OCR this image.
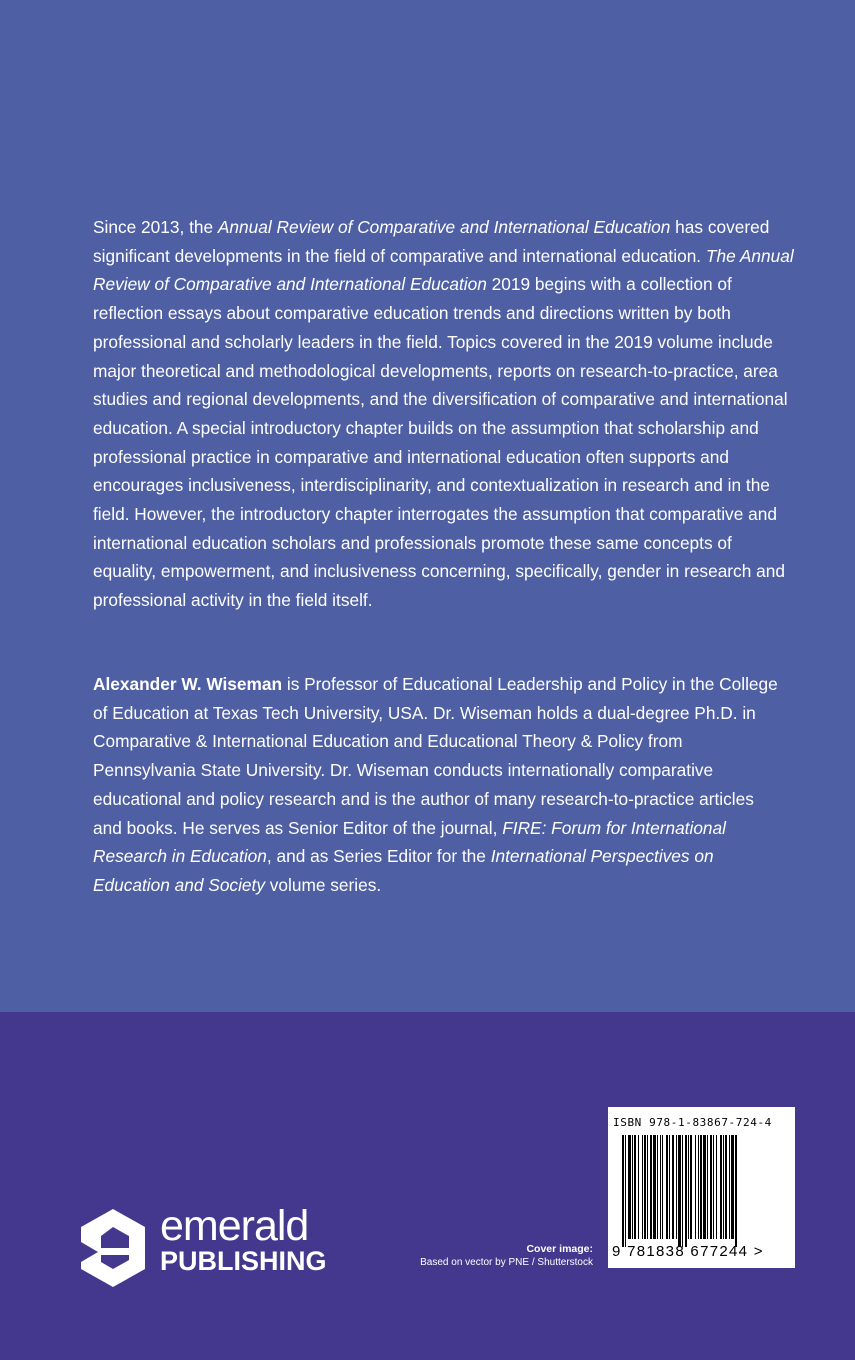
Since 2013, the Annual Review of Comparative and International Education has covered significant developments in the field of comparative and international education. The Annual Review of Comparative and International Education 2019 begins with a collection of reflection essays about comparative education trends and directions written by both professional and scholarly leaders in the field. Topics covered in the 2019 volume include major theoretical and methodological developments, reports on research-to-practice, area studies and regional developments, and the diversification of comparative and international education. A special introductory chapter builds on the assumption that scholarship and professional practice in comparative and international education often supports and encourages inclusiveness, interdisciplinarity, and contextualization in research and in the field. However, the introductory chapter interrogates the assumption that comparative and international education scholars and professionals promote these same concepts of equality, empowerment, and inclusiveness concerning, specifically, gender in research and professional activity in the field itself.

Alexander W. Wiseman is Professor of Educational Leadership and Policy in the College of Education at Texas Tech University, USA. Dr. Wiseman holds a dual-degree Ph.D. in Comparative & International Education and Educational Theory & Policy from Pennsylvania State University. Dr. Wiseman conducts internationally comparative educational and policy research and is the author of many research-to-practice articles and books. He serves as Senior Editor of the journal, FIRE: Forum for International Research in Education, and as Series Editor for the International Perspectives on Education and Society volume series.

emerald
PUBLISHING	Cover image:
Based on vector by PNE / Shutterstock
ISBN 978-1-83867-724-4
9 781838 677244 >
